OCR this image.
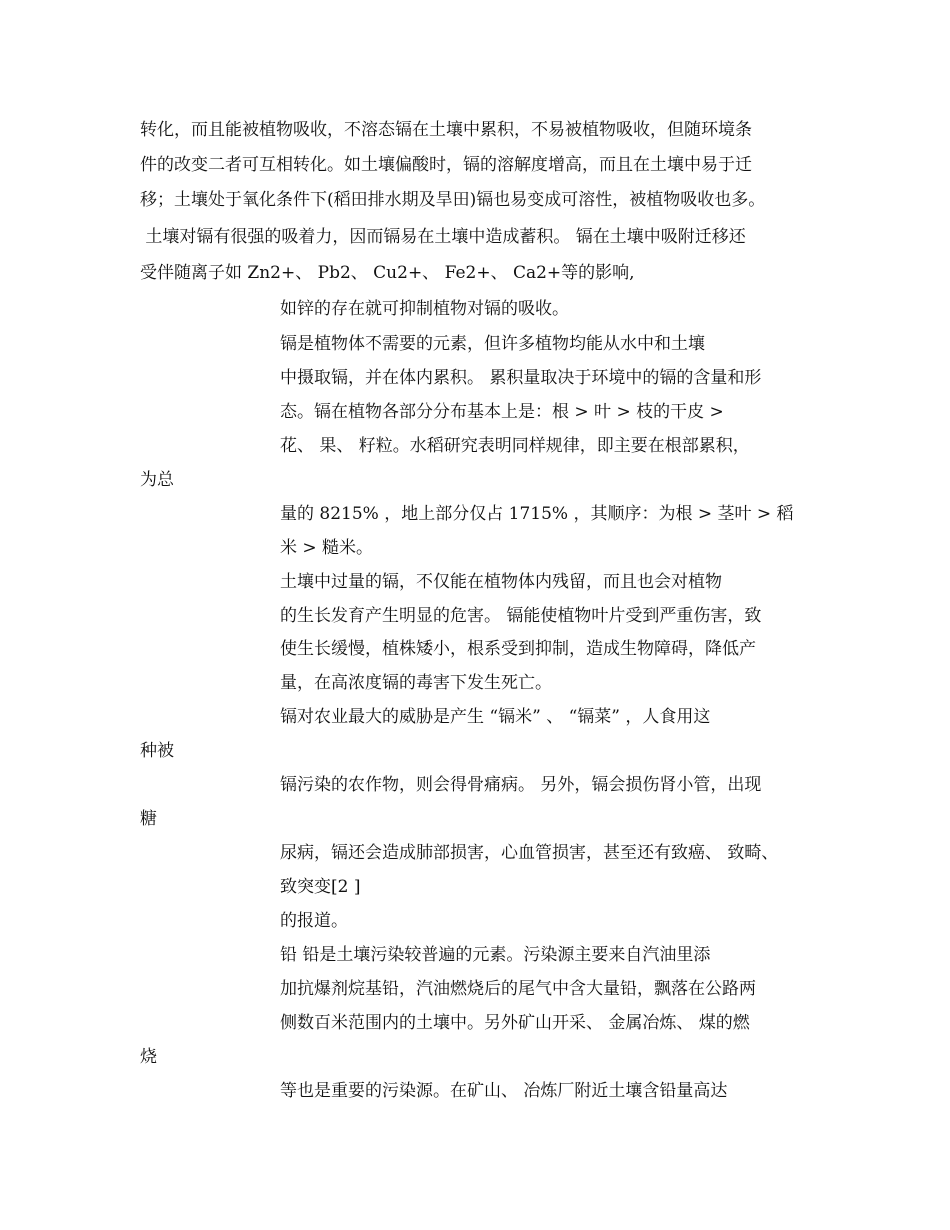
转化，而且能被植物吸收，不溶态镉在土壤中累积，不易被植物吸收，但随环境条
件的改变二者可互相转化。如土壤偏酸时，镉的溶解度增高，而且在土壤中易于迁
移；土壤处于氧化条件下(稻田排水期及旱田)镉也易变成可溶性，被植物吸收也多。
土壤对镉有很强的吸着力，因而镉易在土壤中造成蓄积。 镉在土壤中吸附迁移还
受伴随离子如 Zn2+、 Pb2、 Cu2+、 Fe2+、 Ca2+等的影响,
如锌的存在就可抑制植物对镉的吸收。
镉是植物体不需要的元素，但许多植物均能从水中和土壤
中摄取镉，并在体内累积。 累积量取决于环境中的镉的含量和形
态。镉在植物各部分分布基本上是：根 > 叶 > 枝的干皮 >
花、 果、 籽粒。水稻研究表明同样规律，即主要在根部累积，
为总
量的 8215% ，地上部分仅占 1715% ，其顺序：为根 > 茎叶 > 稻
米 > 糙米。
土壤中过量的镉，不仅能在植物体内残留，而且也会对植物
的生长发育产生明显的危害。 镉能使植物叶片受到严重伤害，致
使生长缓慢，植株矮小，根系受到抑制，造成生物障碍，降低产
量，在高浓度镉的毒害下发生死亡。
镉对农业最大的威胁是产生 “镉米” 、 “镉菜” ，人食用这
种被
镉污染的农作物，则会得骨痛病。 另外，镉会损伤肾小管，出现
糖
尿病，镉还会造成肺部损害，心血管损害，甚至还有致癌、 致畸、
致突变[2 ]
的报道。
铅 铅是土壤污染较普遍的元素。污染源主要来自汽油里添
加抗爆剂烷基铅，汽油燃烧后的尾气中含大量铅，飘落在公路两
侧数百米范围内的土壤中。另外矿山开采、 金属冶炼、 煤的燃
烧
等也是重要的污染源。在矿山、 冶炼厂附近土壤含铅量高达
